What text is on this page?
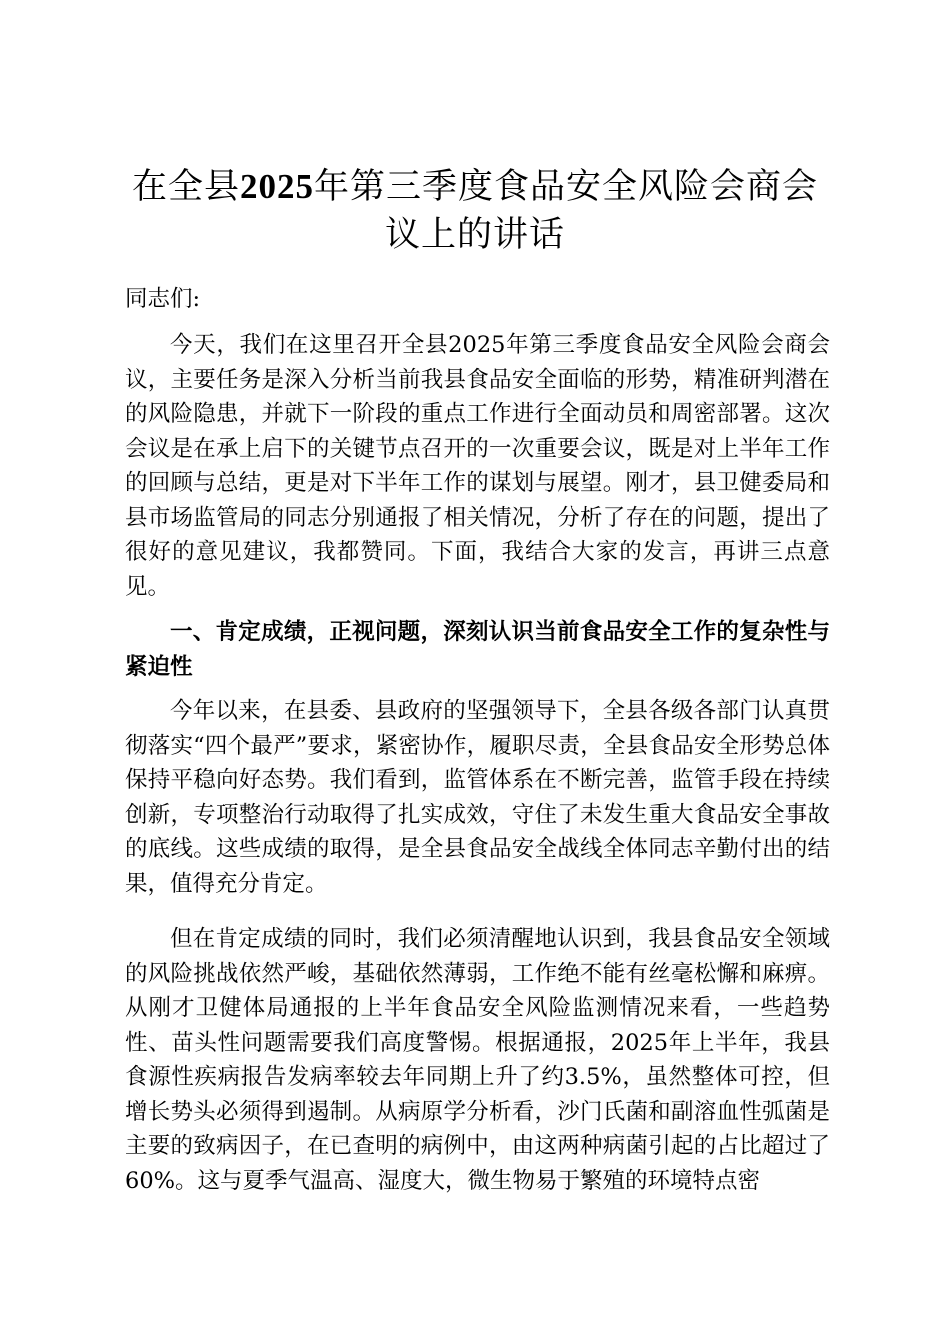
在全县2025年第三季度食品安全风险会商会
议上的讲话

同志们:

今天，我们在这里召开全县2025年第三季度食品安全风险会商会议，主要任务是深入分析当前我县食品安全面临的形势，精准研判潜在的风险隐患，并就下一阶段的重点工作进行全面动员和周密部署。这次会议是在承上启下的关键节点召开的一次重要会议，既是对上半年工作的回顾与总结，更是对下半年工作的谋划与展望。刚才，县卫健委局和县市场监管局的同志分别通报了相关情况，分析了存在的问题，提出了很好的意见建议，我都赞同。下面，我结合大家的发言，再讲三点意见。

一、肯定成绩，正视问题，深刻认识当前食品安全工作的复杂性与紧迫性

今年以来，在县委、县政府的坚强领导下，全县各级各部门认真贯彻落实“四个最严”要求，紧密协作，履职尽责，全县食品安全形势总体保持平稳向好态势。我们看到，监管体系在不断完善，监管手段在持续创新，专项整治行动取得了扎实成效，守住了未发生重大食品安全事故的底线。这些成绩的取得，是全县食品安全战线全体同志辛勤付出的结果，值得充分肯定。

但在肯定成绩的同时，我们必须清醒地认识到，我县食品安全领域的风险挑战依然严峻，基础依然薄弱，工作绝不能有丝毫松懈和麻痹。从刚才卫健体局通报的上半年食品安全风险监测情况来看，一些趋势性、苗头性问题需要我们高度警惕。根据通报，2025年上半年，我县食源性疾病报告发病率较去年同期上升了约3.5%，虽然整体可控，但增长势头必须得到遏制。从病原学分析看，沙门氏菌和副溶血性弧菌是主要的致病因子，在已查明的病例中，由这两种病菌引起的占比超过了60%。这与夏季气温高、湿度大，微生物易于繁殖的环境特点密
